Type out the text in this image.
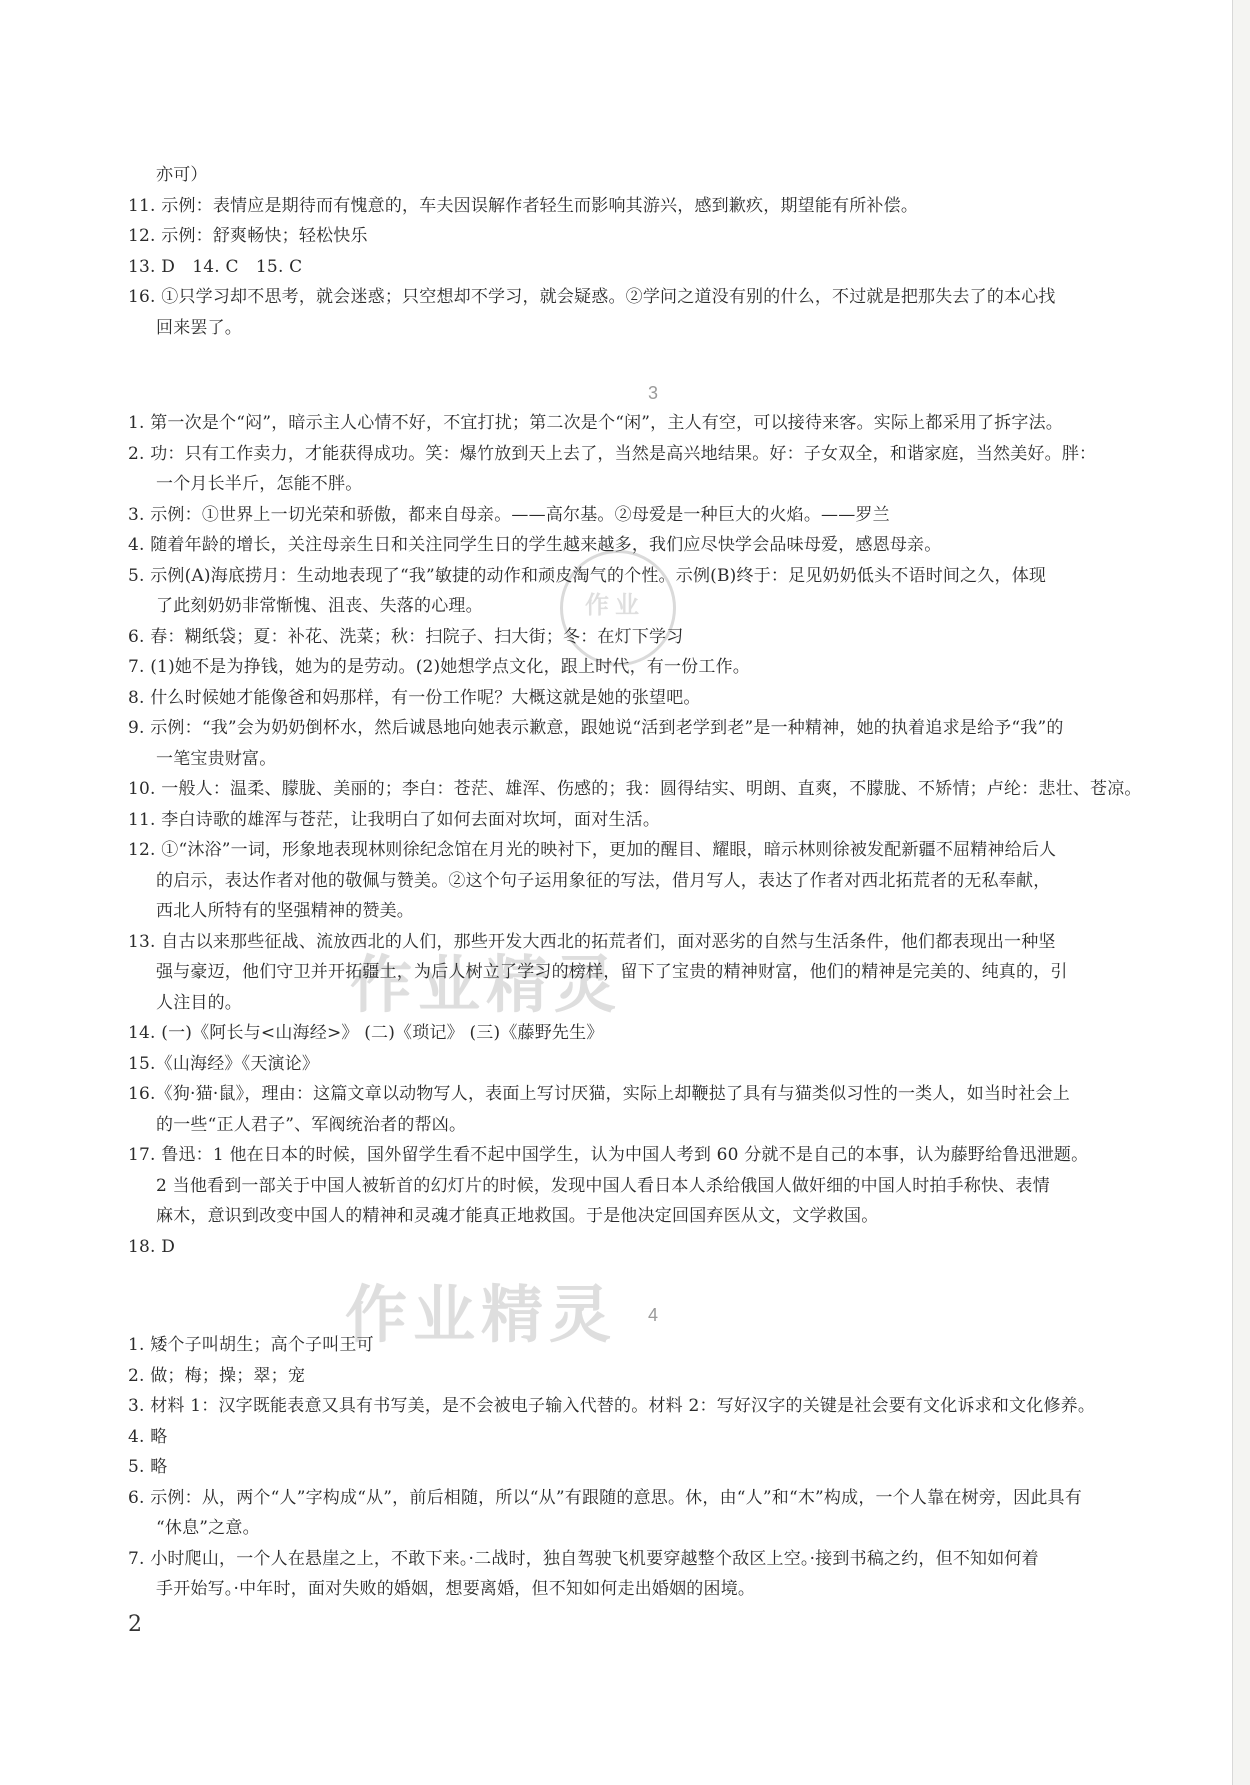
作业
作业精灵
作业精灵
亦可）
11. 示例：表情应是期待而有愧意的，车夫因误解作者轻生而影响其游兴，感到歉疚，期望能有所补偿。
12. 示例：舒爽畅快；轻松快乐
13. D　14. C　15. C
16. ①只学习却不思考，就会迷惑；只空想却不学习，就会疑惑。②学问之道没有别的什么，不过就是把那失去了的本心找
回来罢了。
3
1. 第一次是个“闷”，暗示主人心情不好，不宜打扰；第二次是个“闲”，主人有空，可以接待来客。实际上都采用了拆字法。
2. 功：只有工作卖力，才能获得成功。笑：爆竹放到天上去了，当然是高兴地结果。好：子女双全，和谐家庭，当然美好。胖：
一个月长半斤，怎能不胖。
3. 示例：①世界上一切光荣和骄傲，都来自母亲。——高尔基。②母爱是一种巨大的火焰。——罗兰
4. 随着年龄的增长，关注母亲生日和关注同学生日的学生越来越多，我们应尽快学会品味母爱，感恩母亲。
5. 示例(A)海底捞月：生动地表现了“我”敏捷的动作和顽皮淘气的个性。示例(B)终于：足见奶奶低头不语时间之久，体现
了此刻奶奶非常惭愧、沮丧、失落的心理。
6. 春：糊纸袋；夏：补花、洗菜；秋：扫院子、扫大街；冬：在灯下学习
7. (1)她不是为挣钱，她为的是劳动。(2)她想学点文化，跟上时代，有一份工作。
8. 什么时候她才能像爸和妈那样，有一份工作呢？大概这就是她的张望吧。
9. 示例：“我”会为奶奶倒杯水，然后诚恳地向她表示歉意，跟她说“活到老学到老”是一种精神，她的执着追求是给予“我”的
一笔宝贵财富。
10. 一般人：温柔、朦胧、美丽的；李白：苍茫、雄浑、伤感的；我：圆得结实、明朗、直爽，不朦胧、不矫情；卢纶：悲壮、苍凉。
11. 李白诗歌的雄浑与苍茫，让我明白了如何去面对坎坷，面对生活。
12. ①“沐浴”一词，形象地表现林则徐纪念馆在月光的映衬下，更加的醒目、耀眼，暗示林则徐被发配新疆不屈精神给后人
的启示，表达作者对他的敬佩与赞美。②这个句子运用象征的写法，借月写人，表达了作者对西北拓荒者的无私奉献，
西北人所特有的坚强精神的赞美。
13. 自古以来那些征战、流放西北的人们，那些开发大西北的拓荒者们，面对恶劣的自然与生活条件，他们都表现出一种坚
强与豪迈，他们守卫并开拓疆土，为后人树立了学习的榜样，留下了宝贵的精神财富，他们的精神是完美的、纯真的，引
人注目的。
14. (一)《阿长与<山海经>》 (二)《琐记》 (三)《藤野先生》
15.《山海经》《天演论》
16.《狗·猫·鼠》，理由：这篇文章以动物写人，表面上写讨厌猫，实际上却鞭挞了具有与猫类似习性的一类人，如当时社会上
的一些“正人君子”、军阀统治者的帮凶。
17. 鲁迅：1 他在日本的时候，国外留学生看不起中国学生，认为中国人考到 60 分就不是自己的本事，认为藤野给鲁迅泄题。
2 当他看到一部关于中国人被斩首的幻灯片的时候，发现中国人看日本人杀给俄国人做奸细的中国人时拍手称快、表情
麻木，意识到改变中国人的精神和灵魂才能真正地救国。于是他决定回国弃医从文，文学救国。
18. D
4
1. 矮个子叫胡生；高个子叫王可
2. 做；梅；操；翠；宠
3. 材料 1：汉字既能表意又具有书写美，是不会被电子输入代替的。材料 2：写好汉字的关键是社会要有文化诉求和文化修养。
4. 略
5. 略
6. 示例：从，两个“人”字构成“从”，前后相随，所以“从”有跟随的意思。休，由“人”和“木”构成，一个人靠在树旁，因此具有
“休息”之意。
7. 小时爬山，一个人在悬崖之上，不敢下来。·二战时，独自驾驶飞机要穿越整个敌区上空。·接到书稿之约，但不知如何着
手开始写。·中年时，面对失败的婚姻，想要离婚，但不知如何走出婚姻的困境。
2
